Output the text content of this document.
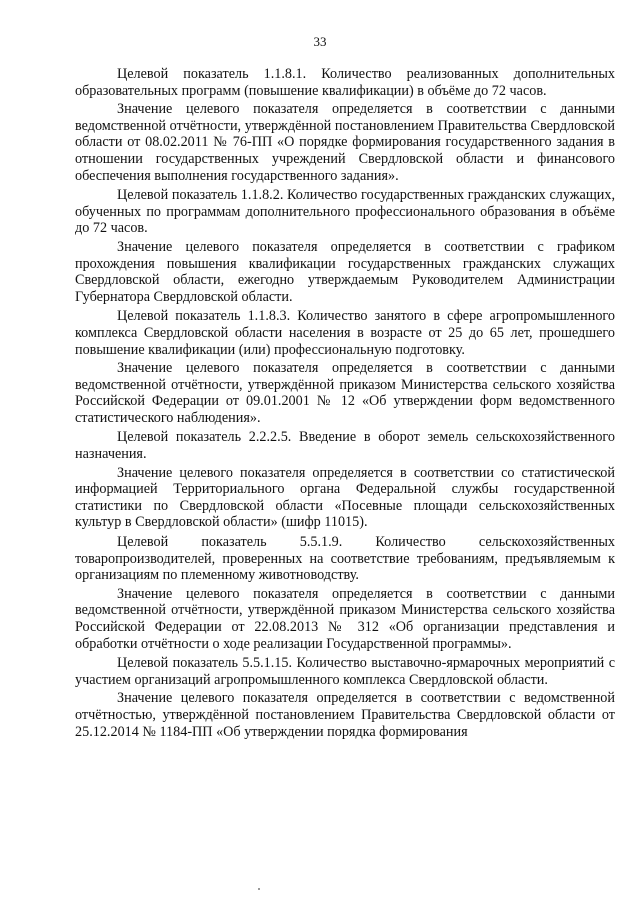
33

Целевой показатель 1.1.8.1. Количество реализованных дополнительных образовательных программ (повышение квалификации) в объёме до 72 часов.

Значение целевого показателя определяется в соответствии с данными ведомственной отчётности, утверждённой постановлением Правительства Свердловской области от 08.02.2011 № 76-ПП «О порядке формирования государственного задания в отношении государственных учреждений Свердловской области и финансового обеспечения выполнения государственного задания».

Целевой показатель 1.1.8.2. Количество государственных гражданских служащих, обученных по программам дополнительного профессионального образования в объёме до 72 часов.

Значение целевого показателя определяется в соответствии с графиком прохождения повышения квалификации государственных гражданских служащих Свердловской области, ежегодно утверждаемым Руководителем Администрации Губернатора Свердловской области.

Целевой показатель 1.1.8.3. Количество занятого в сфере агропромышленного комплекса Свердловской области населения в возрасте от 25 до 65 лет, прошедшего повышение квалификации (или) профессиональную подготовку.

Значение целевого показателя определяется в соответствии с данными ведомственной отчётности, утверждённой приказом Министерства сельского хозяйства Российской Федерации от 09.01.2001 № 12 «Об утверждении форм ведомственного статистического наблюдения».

Целевой показатель 2.2.2.5. Введение в оборот земель сельскохозяйственного назначения.

Значение целевого показателя определяется в соответствии со статистической информацией Территориального органа Федеральной службы государственной статистики по Свердловской области «Посевные площади сельскохозяйственных культур в Свердловской области» (шифр 11015).

Целевой показатель 5.5.1.9. Количество сельскохозяйственных товаропроизводителей, проверенных на соответствие требованиям, предъявляемым к организациям по племенному животноводству.

Значение целевого показателя определяется в соответствии с данными ведомственной отчётности, утверждённой приказом Министерства сельского хозяйства Российской Федерации от 22.08.2013 № 312 «Об организации представления и обработки отчётности о ходе реализации Государственной программы».

Целевой показатель 5.5.1.15. Количество выставочно-ярмарочных мероприятий с участием организаций агропромышленного комплекса Свердловской области.

Значение целевого показателя определяется в соответствии с ведомственной отчётностью, утверждённой постановлением Правительства Свердловской области от 25.12.2014 № 1184-ПП «Об утверждении порядка формирования
